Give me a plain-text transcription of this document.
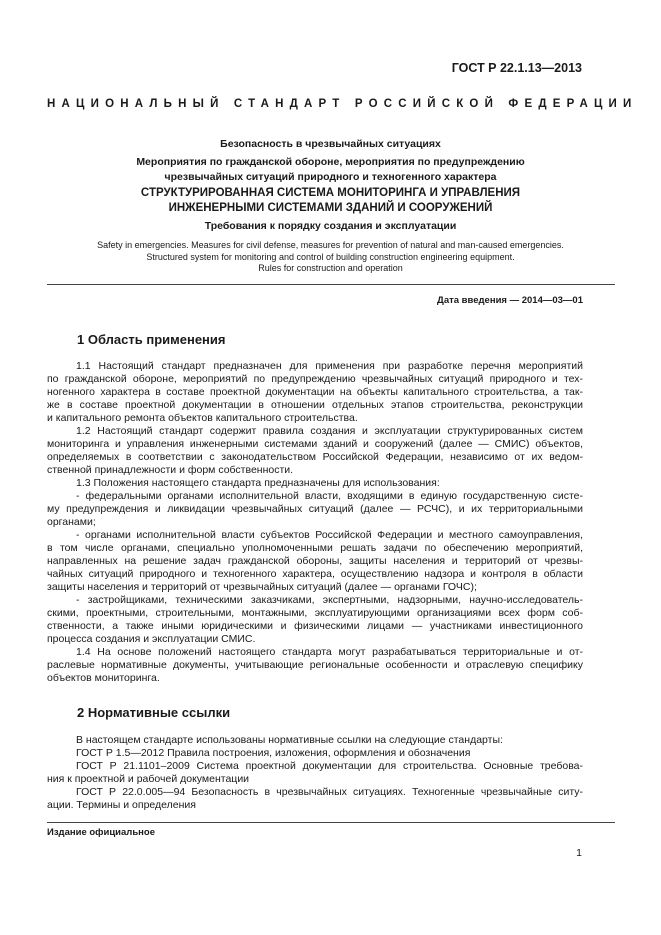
ГОСТ Р 22.1.13—2013
НАЦИОНАЛЬНЫЙ СТАНДАРТ РОССИЙСКОЙ ФЕДЕРАЦИИ
Безопасность в чрезвычайных ситуациях
Мероприятия по гражданской обороне, мероприятия по предупреждению
чрезвычайных ситуаций природного и техногенного характера
СТРУКТУРИРОВАННАЯ СИСТЕМА МОНИТОРИНГА И УПРАВЛЕНИЯ
ИНЖЕНЕРНЫМИ СИСТЕМАМИ ЗДАНИЙ И СООРУЖЕНИЙ
Требования к порядку создания и эксплуатации
Safety in emergencies. Measures for civil defense, measures for prevention of natural and man-caused emergencies.
Structured system for monitoring and control of building construction engineering equipment.
Rules for construction and operation
Дата введения — 2014—03—01
1 Область применения
1.1 Настоящий стандарт предназначен для применения при разработке перечня мероприятий
по гражданской обороне, мероприятий по предупреждению чрезвычайных ситуаций природного и тех-
ногенного характера в составе проектной документации на объекты капитального строительства, а так-
же в составе проектной документации в отношении отдельных этапов строительства, реконструкции
и капитального ремонта объектов капитального строительства.
1.2 Настоящий стандарт содержит правила создания и эксплуатации структурированных систем
мониторинга и управления инженерными системами зданий и сооружений (далее — СМИС) объектов,
определяемых в соответствии с законодательством Российской Федерации, независимо от их ведом-
ственной принадлежности и форм собственности.
1.3 Положения настоящего стандарта предназначены для использования:
- федеральными органами исполнительной власти, входящими в единую государственную систе-
му предупреждения и ликвидации чрезвычайных ситуаций (далее — РСЧС), и их территориальными
органами;
- органами исполнительной власти субъектов Российской Федерации и местного самоуправления,
в том числе органами, специально уполномоченными решать задачи по обеспечению мероприятий,
направленных на решение задач гражданской обороны, защиты населения и территорий от чрезвы-
чайных ситуаций природного и техногенного характера, осуществлению надзора и контроля в области
защиты населения и территорий от чрезвычайных ситуаций (далее — органами ГОЧС);
- застройщиками, техническими заказчиками, экспертными, надзорными, научно-исследователь-
скими, проектными, строительными, монтажными, эксплуатирующими организациями всех форм соб-
ственности, а также иными юридическими и физическими лицами — участниками инвестиционного
процесса создания и эксплуатации СМИС.
1.4 На основе положений настоящего стандарта могут разрабатываться территориальные и от-
раслевые нормативные документы, учитывающие региональные особенности и отраслевую специфику
объектов мониторинга.
2 Нормативные ссылки
В настоящем стандарте использованы нормативные ссылки на следующие стандарты:
ГОСТ Р 1.5—2012 Правила построения, изложения, оформления и обозначения
ГОСТ Р 21.1101–2009 Система проектной документации для строительства. Основные требова-
ния к проектной и рабочей документации
ГОСТ Р 22.0.005—94 Безопасность в чрезвычайных ситуациях. Техногенные чрезвычайные ситу-
ации. Термины и определения
Издание официальное
1
